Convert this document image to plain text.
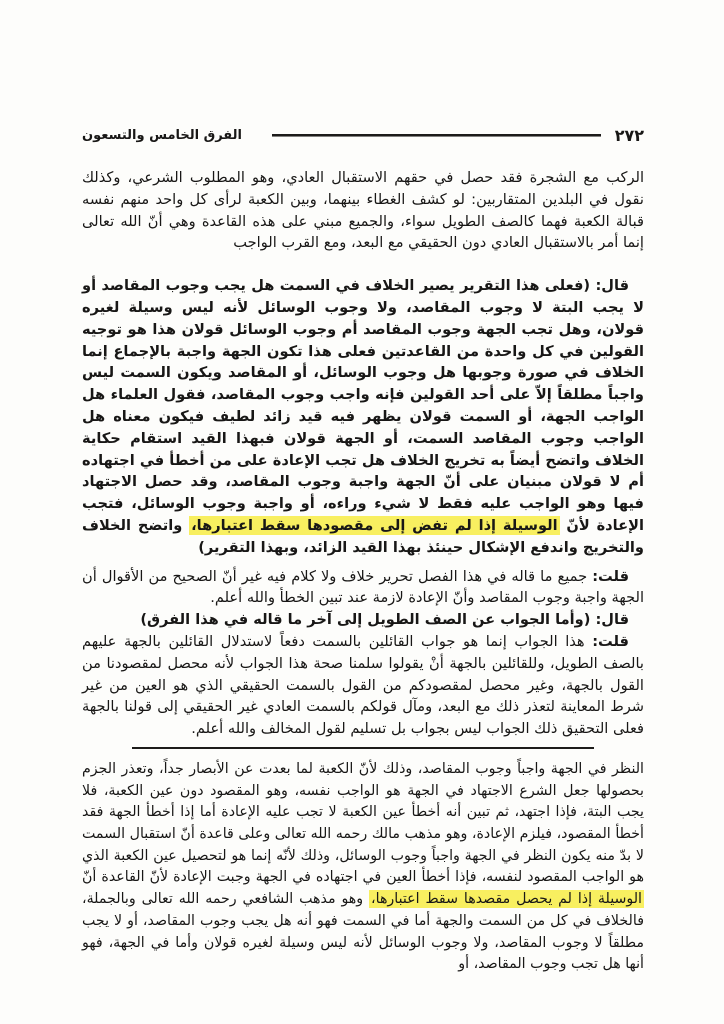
٢٧٢
الفرق الخامس والتسعون

الركب مع الشجرة فقد حصل في حقهم الاستقبال العادي، وهو المطلوب الشرعي، وكذلك نقول في البلدين المتقاربين: لو كشف الغطاء بينهما، وبين الكعبة لرأى كل واحد منهم نفسه قبالة الكعبة فهما كالصف الطويل سواء، والجميع مبني على هذه القاعدة وهي أنّ الله تعالى إنما أمر بالاستقبال العادي دون الحقيقي مع البعد، ومع القرب الواجب

قال: (فعلى هذا التقرير يصير الخلاف في السمت هل يجب وجوب المقاصد أو لا يجب البتة لا وجوب المقاصد، ولا وجوب الوسائل لأنه ليس وسيلة لغيره قولان، وهل تجب الجهة وجوب المقاصد أم وجوب الوسائل قولان هذا هو توجيه القولين في كل واحدة من القاعدتين فعلى هذا تكون الجهة واجبة بالإجماع إنما الخلاف في صورة وجوبها هل وجوب الوسائل، أو المقاصد ويكون السمت ليس واجباً مطلقاً إلاّ على أحد القولين فإنه واجب وجوب المقاصد، فقول العلماء هل الواجب الجهة، أو السمت قولان يظهر فيه قيد زائد لطيف فيكون معناه هل الواجب وجوب المقاصد السمت، أو الجهة قولان فبهذا القيد استقام حكاية الخلاف واتضح أيضاً به تخريج الخلاف هل تجب الإعادة على من أخطأ في اجتهاده أم لا قولان مبنيان على أنّ الجهة واجبة وجوب المقاصد، وقد حصل الاجتهاد فيها وهو الواجب عليه فقط لا شيء وراءه، أو واجبة وجوب الوسائل، فتجب الإعادة لأنّ الوسيلة إذا لم تفض إلى مقصودها سقط اعتبارها، واتضح الخلاف والتخريج واندفع الإشكال حينئذ بهذا القيد الزائد، وبهذا التقرير)

قلت: جميع ما قاله في هذا الفصل تحرير خلاف ولا كلام فيه غير أنّ الصحيح من الأقوال أن الجهة واجبة وجوب المقاصد وأنّ الإعادة لازمة عند تبين الخطأ والله أعلم.

قال: (وأما الجواب عن الصف الطويل إلى آخر ما قاله في هذا الفرق)

قلت: هذا الجواب إنما هو جواب القائلين بالسمت دفعاً لاستدلال القائلين بالجهة عليهم بالصف الطويل، وللقائلين بالجهة أنْ يقولوا سلمنا صحة هذا الجواب لأنه محصل لمقصودنا من القول بالجهة، وغير محصل لمقصودكم من القول بالسمت الحقيقي الذي هو العين من غير شرط المعاينة لتعذر ذلك مع البعد، ومآل قولكم بالسمت العادي غير الحقيقي إلى قولنا بالجهة فعلى التحقيق ذلك الجواب ليس بجواب بل تسليم لقول المخالف والله أعلم.

النظر في الجهة واجباً وجوب المقاصد، وذلك لأنّ الكعبة لما بعدت عن الأبصار جداً، وتعذر الجزم بحصولها جعل الشرع الاجتهاد في الجهة هو الواجب نفسه، وهو المقصود دون عين الكعبة، فلا يجب البتة، فإذا اجتهد، ثم تبين أنه أخطأ عين الكعبة لا تجب عليه الإعادة أما إذا أخطأ الجهة فقد أخطأ المقصود، فيلزم الإعادة، وهو مذهب مالك رحمه الله تعالى وعلى قاعدة أنّ استقبال السمت لا بدّ منه يكون النظر في الجهة واجباً وجوب الوسائل، وذلك لأنّه إنما هو لتحصيل عين الكعبة الذي هو الواجب المقصود لنفسه، فإذا أخطأ العين في اجتهاده في الجهة وجبت الإعادة لأنّ القاعدة أنّ الوسيلة إذا لم يحصل مقصدها سقط اعتبارها، وهو مذهب الشافعي رحمه الله تعالى وبالجملة، فالخلاف في كل من السمت والجهة أما في السمت فهو أنه هل يجب وجوب المقاصد، أو لا يجب مطلقاً لا وجوب المقاصد، ولا وجوب الوسائل لأنه ليس وسيلة لغيره قولان وأما في الجهة، فهو أنها هل تجب وجوب المقاصد، أو
